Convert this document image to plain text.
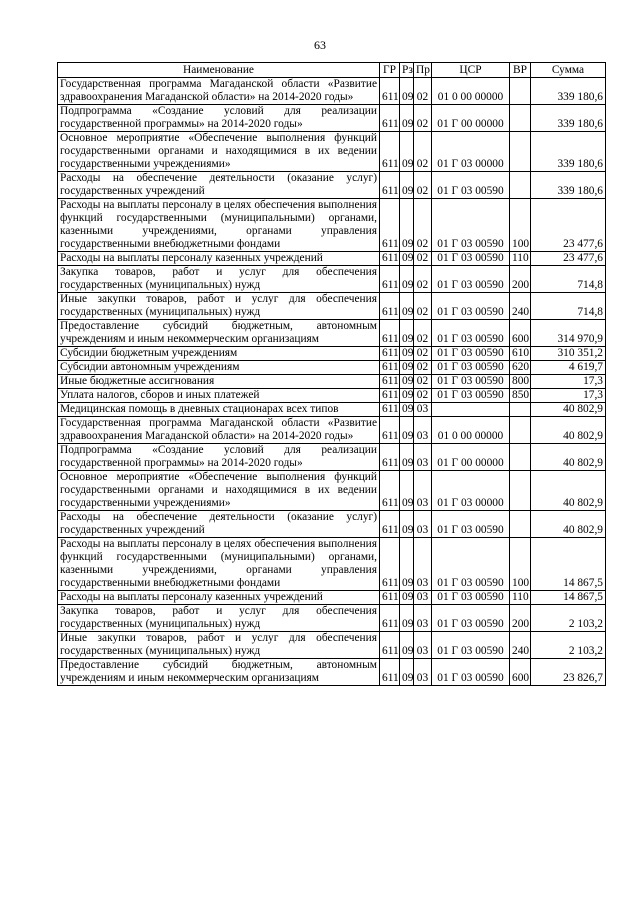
63
Наименование	ГР	Рз	Пр	ЦСР	ВР	Сумма
Государственная программа Магаданской области «Развитие здравоохранения Магаданской области» на 2014-2020 годы»	611	09	02	01 0 00 00000		339 180,6
Подпрограмма «Создание условий для реализации государственной программы» на 2014-2020 годы»	611	09	02	01 Г 00 00000		339 180,6
Основное мероприятие «Обеспечение выполнения функций государственными органами и находящимися в их ведении государственными учреждениями»	611	09	02	01 Г 03 00000		339 180,6
Расходы на обеспечение деятельности (оказание услуг) государственных учреждений	611	09	02	01 Г 03 00590		339 180,6
Расходы на выплаты персоналу в целях обеспечения выполнения функций государственными (муниципальными) органами, казенными учреждениями, органами управления государственными внебюджетными фондами	611	09	02	01 Г 03 00590	100	23 477,6
Расходы на выплаты персоналу казенных учреждений	611	09	02	01 Г 03 00590	110	23 477,6
Закупка товаров, работ и услуг для обеспечения государственных (муниципальных) нужд	611	09	02	01 Г 03 00590	200	714,8
Иные закупки товаров, работ и услуг для обеспечения государственных (муниципальных) нужд	611	09	02	01 Г 03 00590	240	714,8
Предоставление субсидий бюджетным, автономным учреждениям и иным некоммерческим организациям	611	09	02	01 Г 03 00590	600	314 970,9
Субсидии бюджетным учреждениям	611	09	02	01 Г 03 00590	610	310 351,2
Субсидии автономным учреждениям	611	09	02	01 Г 03 00590	620	4 619,7
Иные бюджетные ассигнования	611	09	02	01 Г 03 00590	800	17,3
Уплата налогов, сборов и иных платежей	611	09	02	01 Г 03 00590	850	17,3
Медицинская помощь в дневных стационарах всех типов	611	09	03			40 802,9
Государственная программа Магаданской области «Развитие здравоохранения Магаданской области» на 2014-2020 годы»	611	09	03	01 0 00 00000		40 802,9
Подпрограмма «Создание условий для реализации государственной программы» на 2014-2020 годы»	611	09	03	01 Г 00 00000		40 802,9
Основное мероприятие «Обеспечение выполнения функций государственными органами и находящимися в их ведении государственными учреждениями»	611	09	03	01 Г 03 00000		40 802,9
Расходы на обеспечение деятельности (оказание услуг) государственных учреждений	611	09	03	01 Г 03 00590		40 802,9
Расходы на выплаты персоналу в целях обеспечения выполнения функций государственными (муниципальными) органами, казенными учреждениями, органами управления государственными внебюджетными фондами	611	09	03	01 Г 03 00590	100	14 867,5
Расходы на выплаты персоналу казенных учреждений	611	09	03	01 Г 03 00590	110	14 867,5
Закупка товаров, работ и услуг для обеспечения государственных (муниципальных) нужд	611	09	03	01 Г 03 00590	200	2 103,2
Иные закупки товаров, работ и услуг для обеспечения государственных (муниципальных) нужд	611	09	03	01 Г 03 00590	240	2 103,2
Предоставление субсидий бюджетным, автономным учреждениям и иным некоммерческим организациям	611	09	03	01 Г 03 00590	600	23 826,7
